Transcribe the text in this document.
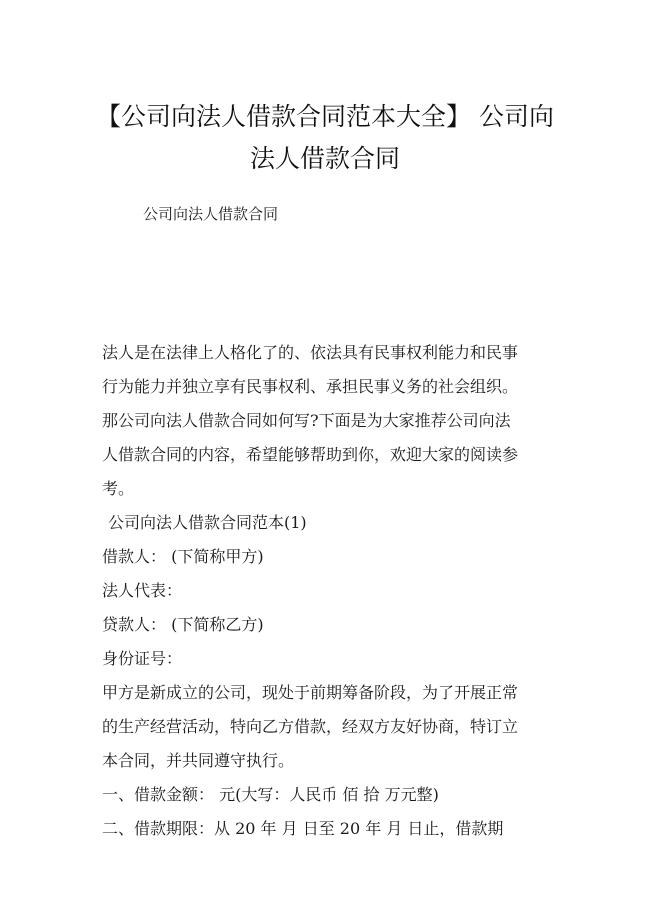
【公司向法人借款合同范本大全】 公司向
法人借款合同
公司向法人借款合同
法人是在法律上人格化了的、依法具有民事权利能力和民事
行为能力并独立享有民事权利、承担民事义务的社会组织。
那公司向法人借款合同如何写?下面是为大家推荐公司向法
人借款合同的内容，希望能够帮助到你，欢迎大家的阅读参
考。
公司向法人借款合同范本(1)
借款人： (下简称甲方)
法人代表：
贷款人： (下简称乙方)
身份证号：
甲方是新成立的公司，现处于前期筹备阶段，为了开展正常
的生产经营活动，特向乙方借款，经双方友好协商，特订立
本合同，并共同遵守执行。
一、借款金额： 元(大写：人民币 佰 拾 万元整)
二、借款期限：从 20 年 月 日至 20 年 月 日止，借款期
